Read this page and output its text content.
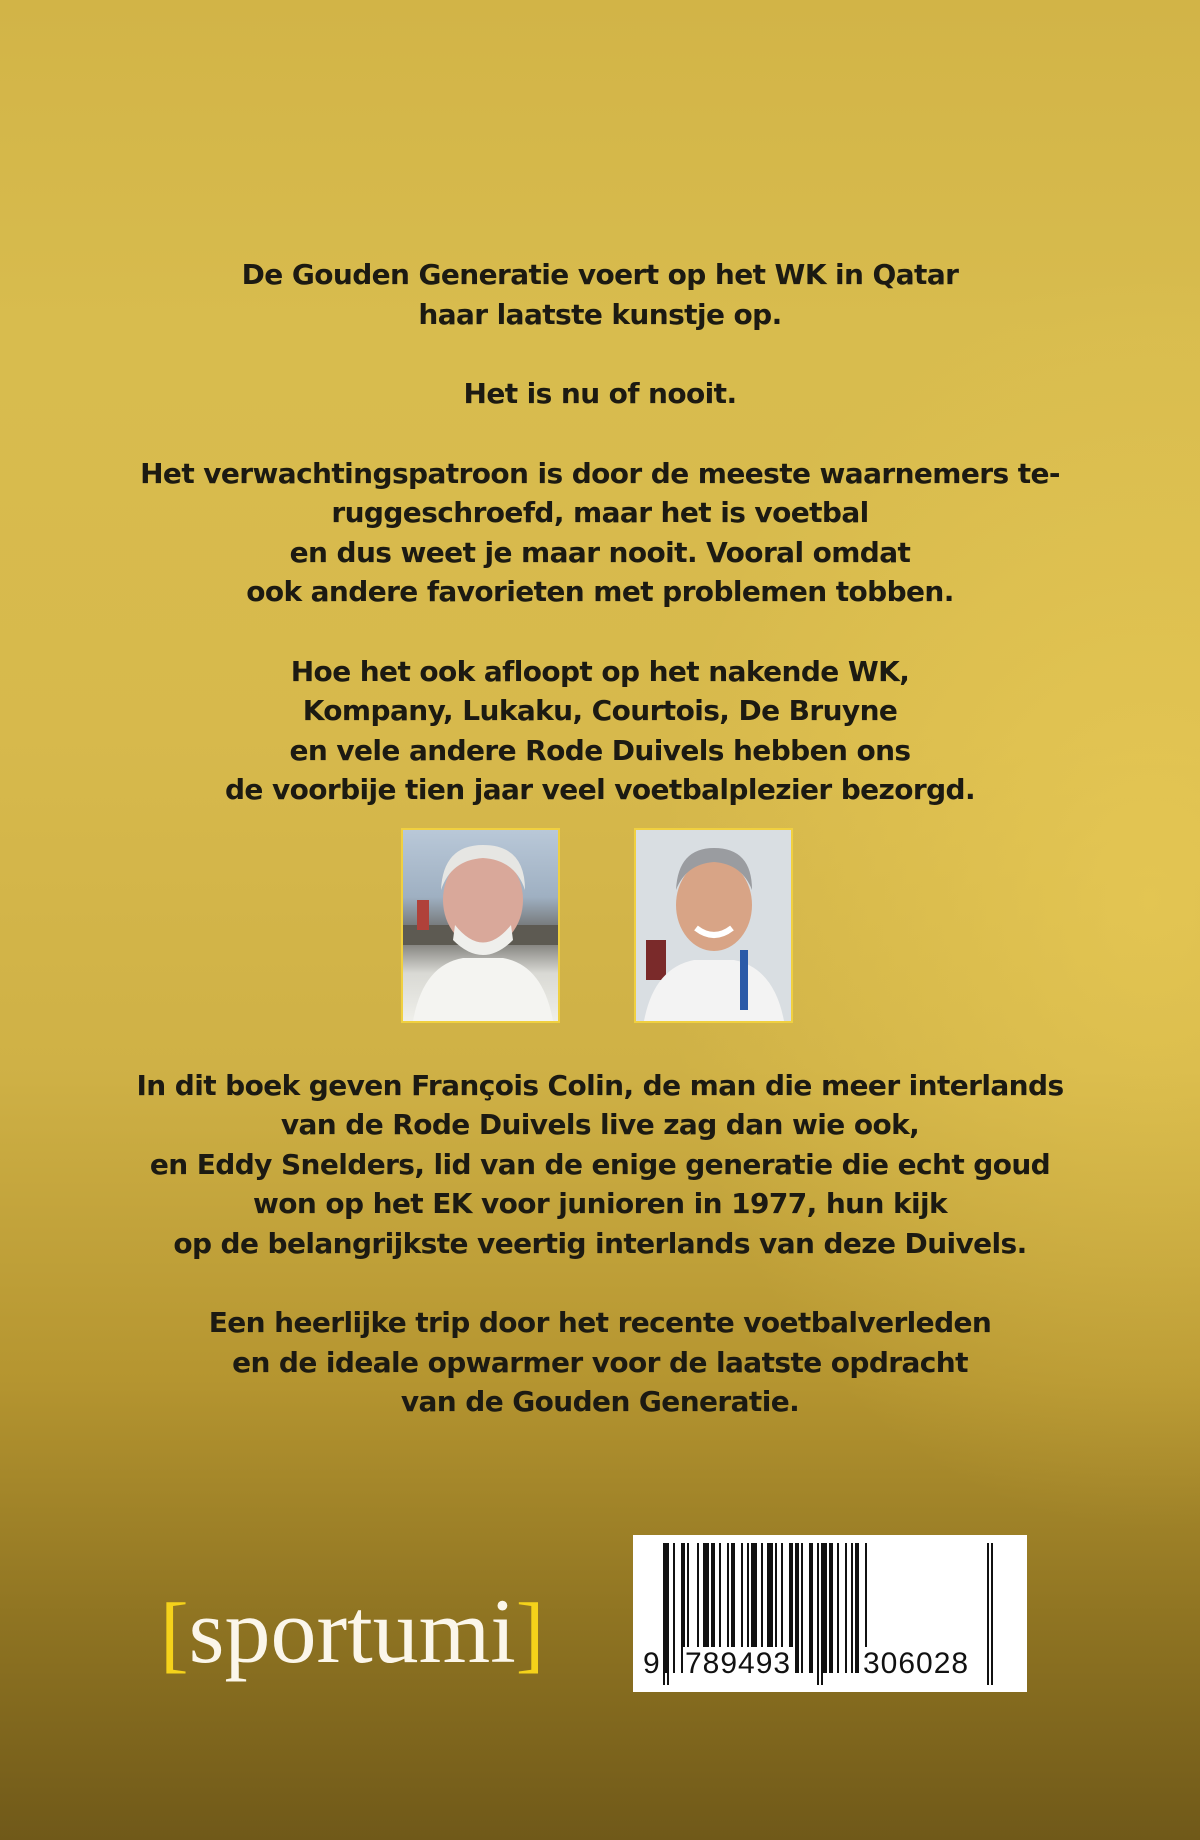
De Gouden Generatie voert op het WK in Qatar
haar laatste kunstje op.

Het is nu of nooit.

Het verwachtingspatroon is door de meeste waarnemers te-
ruggeschroefd, maar het is voetbal
en dus weet je maar nooit. Vooral omdat
ook andere favorieten met problemen tobben.

Hoe het ook afloopt op het nakende WK,
Kompany, Lukaku, Courtois, De Bruyne
en vele andere Rode Duivels hebben ons
de voorbije tien jaar veel voetbalplezier bezorgd.

In dit boek geven François Colin, de man die meer interlands
van de Rode Duivels live zag dan wie ook,
en Eddy Snelders, lid van de enige generatie die echt goud
won op het EK voor junioren in 1977, hun kijk
op de belangrijkste veertig interlands van deze Duivels.

Een heerlijke trip door het recente voetbalverleden
en de ideale opwarmer voor de laatste opdracht
van de Gouden Generatie.

[sportumi]	9 789493 306028
